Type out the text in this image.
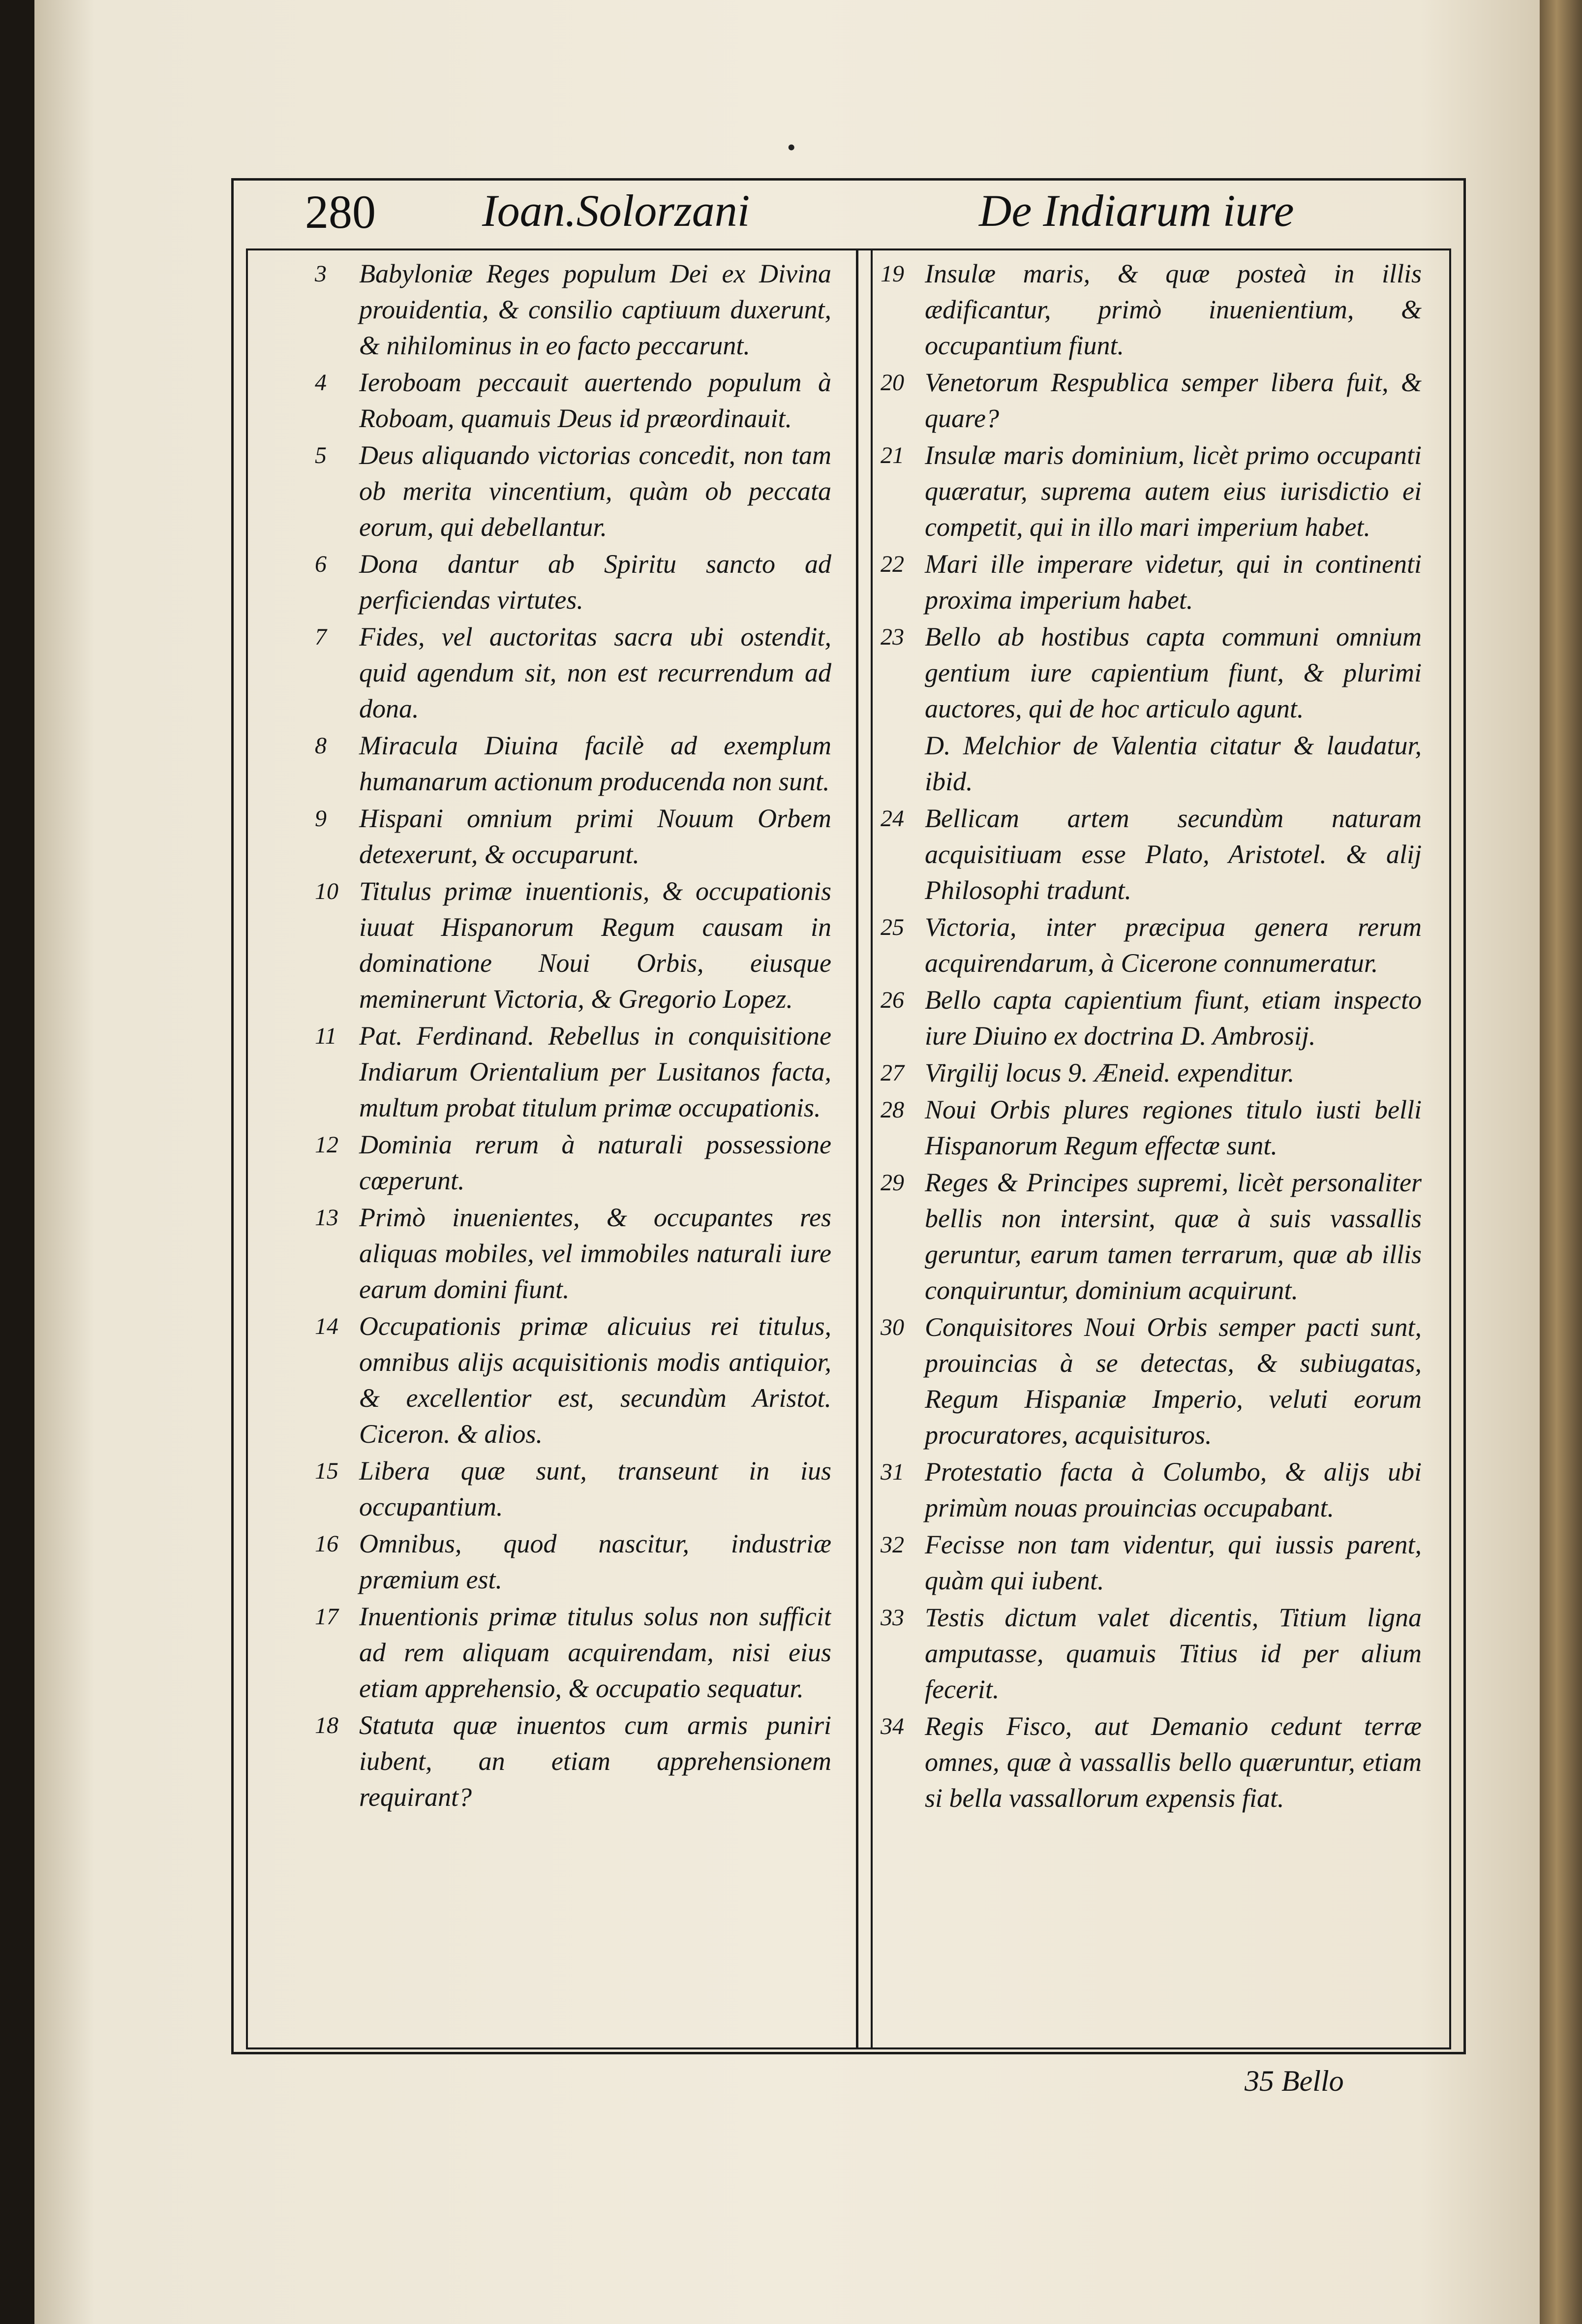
•
280 Ioan.Solorzani	De Indiarum iure
3	Babyloniæ Reges populum Dei ex Divina prouidentia, & consilio captiuum duxerunt, & nihilominus in eo facto peccarunt.
4	Ieroboam peccauit auertendo populum à Roboam, quamuis Deus id præordinauit.
5	Deus aliquando victorias concedit, non tam ob merita vincentium, quàm ob peccata eorum, qui debellantur.
6	Dona dantur ab Spiritu sancto ad perficiendas virtutes.
7	Fides, vel auctoritas sacra ubi ostendit, quid agendum sit, non est recurrendum ad dona.
8	Miracula Diuina facilè ad exemplum humanarum actionum producenda non sunt.
9	Hispani omnium primi Nouum Orbem detexerunt, & occuparunt.
10 Titulus primæ inuentionis, & occupationis iuuat Hispanorum Regum causam in dominatione Noui Orbis, eiusque meminerunt Victoria, & Gregorio Lopez.
11 Pat. Ferdinand. Rebellus in conquisitione Indiarum Orientalium per Lusitanos facta, multum probat titulum primæ occupationis.
12 Dominia rerum à naturali possessione cœperunt.
13 Primò inuenientes, & occupantes res aliquas mobiles, vel immobiles naturali iure earum domini fiunt.
14 Occupationis primæ alicuius rei titulus, omnibus alijs acquisitionis modis antiquior, & excellentior est, secundùm Aristot. Ciceron. & alios.
15 Libera quæ sunt, transeunt in ius occupantium.
16 Omnibus, quod nascitur, industriæ præmium est.
17 Inuentionis primæ titulus solus non sufficit ad rem aliquam acquirendam, nisi eius etiam apprehensio, & occupatio sequatur.
18 Statuta quæ inuentos cum armis puniri iubent, an etiam apprehensionem requirant?
19 Insulæ maris, & quæ posteà in illis ædificantur, primò inuenientium, & occupantium fiunt.
20 Venetorum Respublica semper libera fuit, & quare?
21 Insulæ maris dominium, licèt primo occupanti quæratur, suprema autem eius iurisdictio ei competit, qui in illo mari imperium habet.
22 Mari ille imperare videtur, qui in continenti proxima imperium habet.
23 Bello ab hostibus capta communi omnium gentium iure capientium fiunt, & plurimi auctores, qui de hoc articulo agunt.
D. Melchior de Valentia citatur & laudatur, ibid.
24 Bellicam artem secundùm naturam acquisitiuam esse Plato, Aristotel. & alij Philosophi tradunt.
25 Victoria, inter præcipua genera rerum acquirendarum, à Cicerone connumeratur.
26 Bello capta capientium fiunt, etiam inspecto iure Diuino ex doctrina D. Ambrosij.
27 Virgilij locus 9. Æneid. expenditur.
28 Noui Orbis plures regiones titulo iusti belli Hispanorum Regum effectæ sunt.
29 Reges & Principes supremi, licèt personaliter bellis non intersint, quæ à suis vassallis geruntur, earum tamen terrarum, quæ ab illis conquiruntur, dominium acquirunt.
30 Conquisitores Noui Orbis semper pacti sunt, prouincias à se detectas, & subiugatas, Regum Hispaniæ Imperio, veluti eorum procuratores, acquisituros.
31 Protestatio facta à Columbo, & alijs ubi primùm nouas prouincias occupabant.
32 Fecisse non tam videntur, qui iussis parent, quàm qui iubent.
33 Testis dictum valet dicentis, Titium ligna amputasse, quamuis Titius id per alium fecerit.
34 Regis Fisco, aut Demanio cedunt terræ omnes, quæ à vassallis bello quæruntur, etiam si bella vassallorum expensis fiat.
35 Bello
